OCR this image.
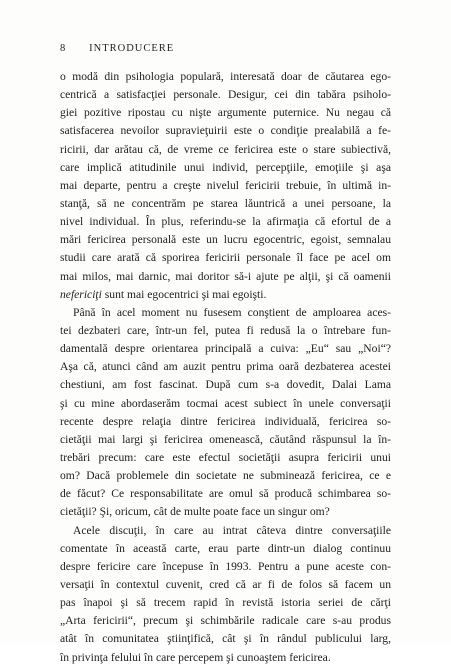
8 INTRODUCERE
o modă din psihologia populară, interesată doar de căutarea ego-
centrică a satisfacţiei personale. Desigur, cei din tabăra psiholo-
giei pozitive ripostau cu nişte argumente puternice. Nu negau că
satisfacerea nevoilor supravieţuirii este o condiţie prealabilă a fe-
ricirii, dar arătau că, de vreme ce fericirea este o stare subiectivă,
care implică atitudinile unui individ, percepţiile, emoţiile şi aşa
mai departe, pentru a creşte nivelul fericirii trebuie, în ultimă in-
stanţă, să ne concentrăm pe starea lăuntrică a unei persoane, la
nivel individual. În plus, referindu-se la afirmaţia că efortul de a
mări fericirea personală este un lucru egocentric, egoist, semnalau
studii care arată că sporirea fericirii personale îl face pe acel om
mai milos, mai darnic, mai doritor să-i ajute pe alţii, şi că oamenii
nefericiţi sunt mai egocentrici şi mai egoişti.
Până în acel moment nu fusesem conştient de amploarea aces-
tei dezbateri care, într-un fel, putea fi redusă la o întrebare fun-
damentală despre orientarea principală a cuiva: „Eu“ sau „Noi“?
Aşa că, atunci când am auzit pentru prima oară dezbaterea acestei
chestiuni, am fost fascinat. După cum s-a dovedit, Dalai Lama
şi cu mine abordaserăm tocmai acest subiect în unele conversaţii
recente despre relaţia dintre fericirea individuală, fericirea so-
cietăţii mai largi şi fericirea omenească, căutând răspunsul la în-
trebări precum: care este efectul societăţii asupra fericirii unui
om? Dacă problemele din societate ne subminează fericirea, ce e
de făcut? Ce responsabilitate are omul să producă schimbarea so-
cietăţii? Şi, oricum, cât de multe poate face un singur om?
Acele discuţii, în care au intrat câteva dintre conversaţiile
comentate în această carte, erau parte dintr-un dialog continuu
despre fericire care începuse în 1993. Pentru a pune aceste con-
versaţii în contextul cuvenit, cred că ar fi de folos să facem un
pas înapoi şi să trecem rapid în revistă istoria seriei de cărţi
„Arta fericirii“, precum şi schimbările radicale care s-au produs
atât în comunitatea ştiinţifică, cât şi în rândul publicului larg,
în privinţa felului în care percepem şi cunoaştem fericirea.
